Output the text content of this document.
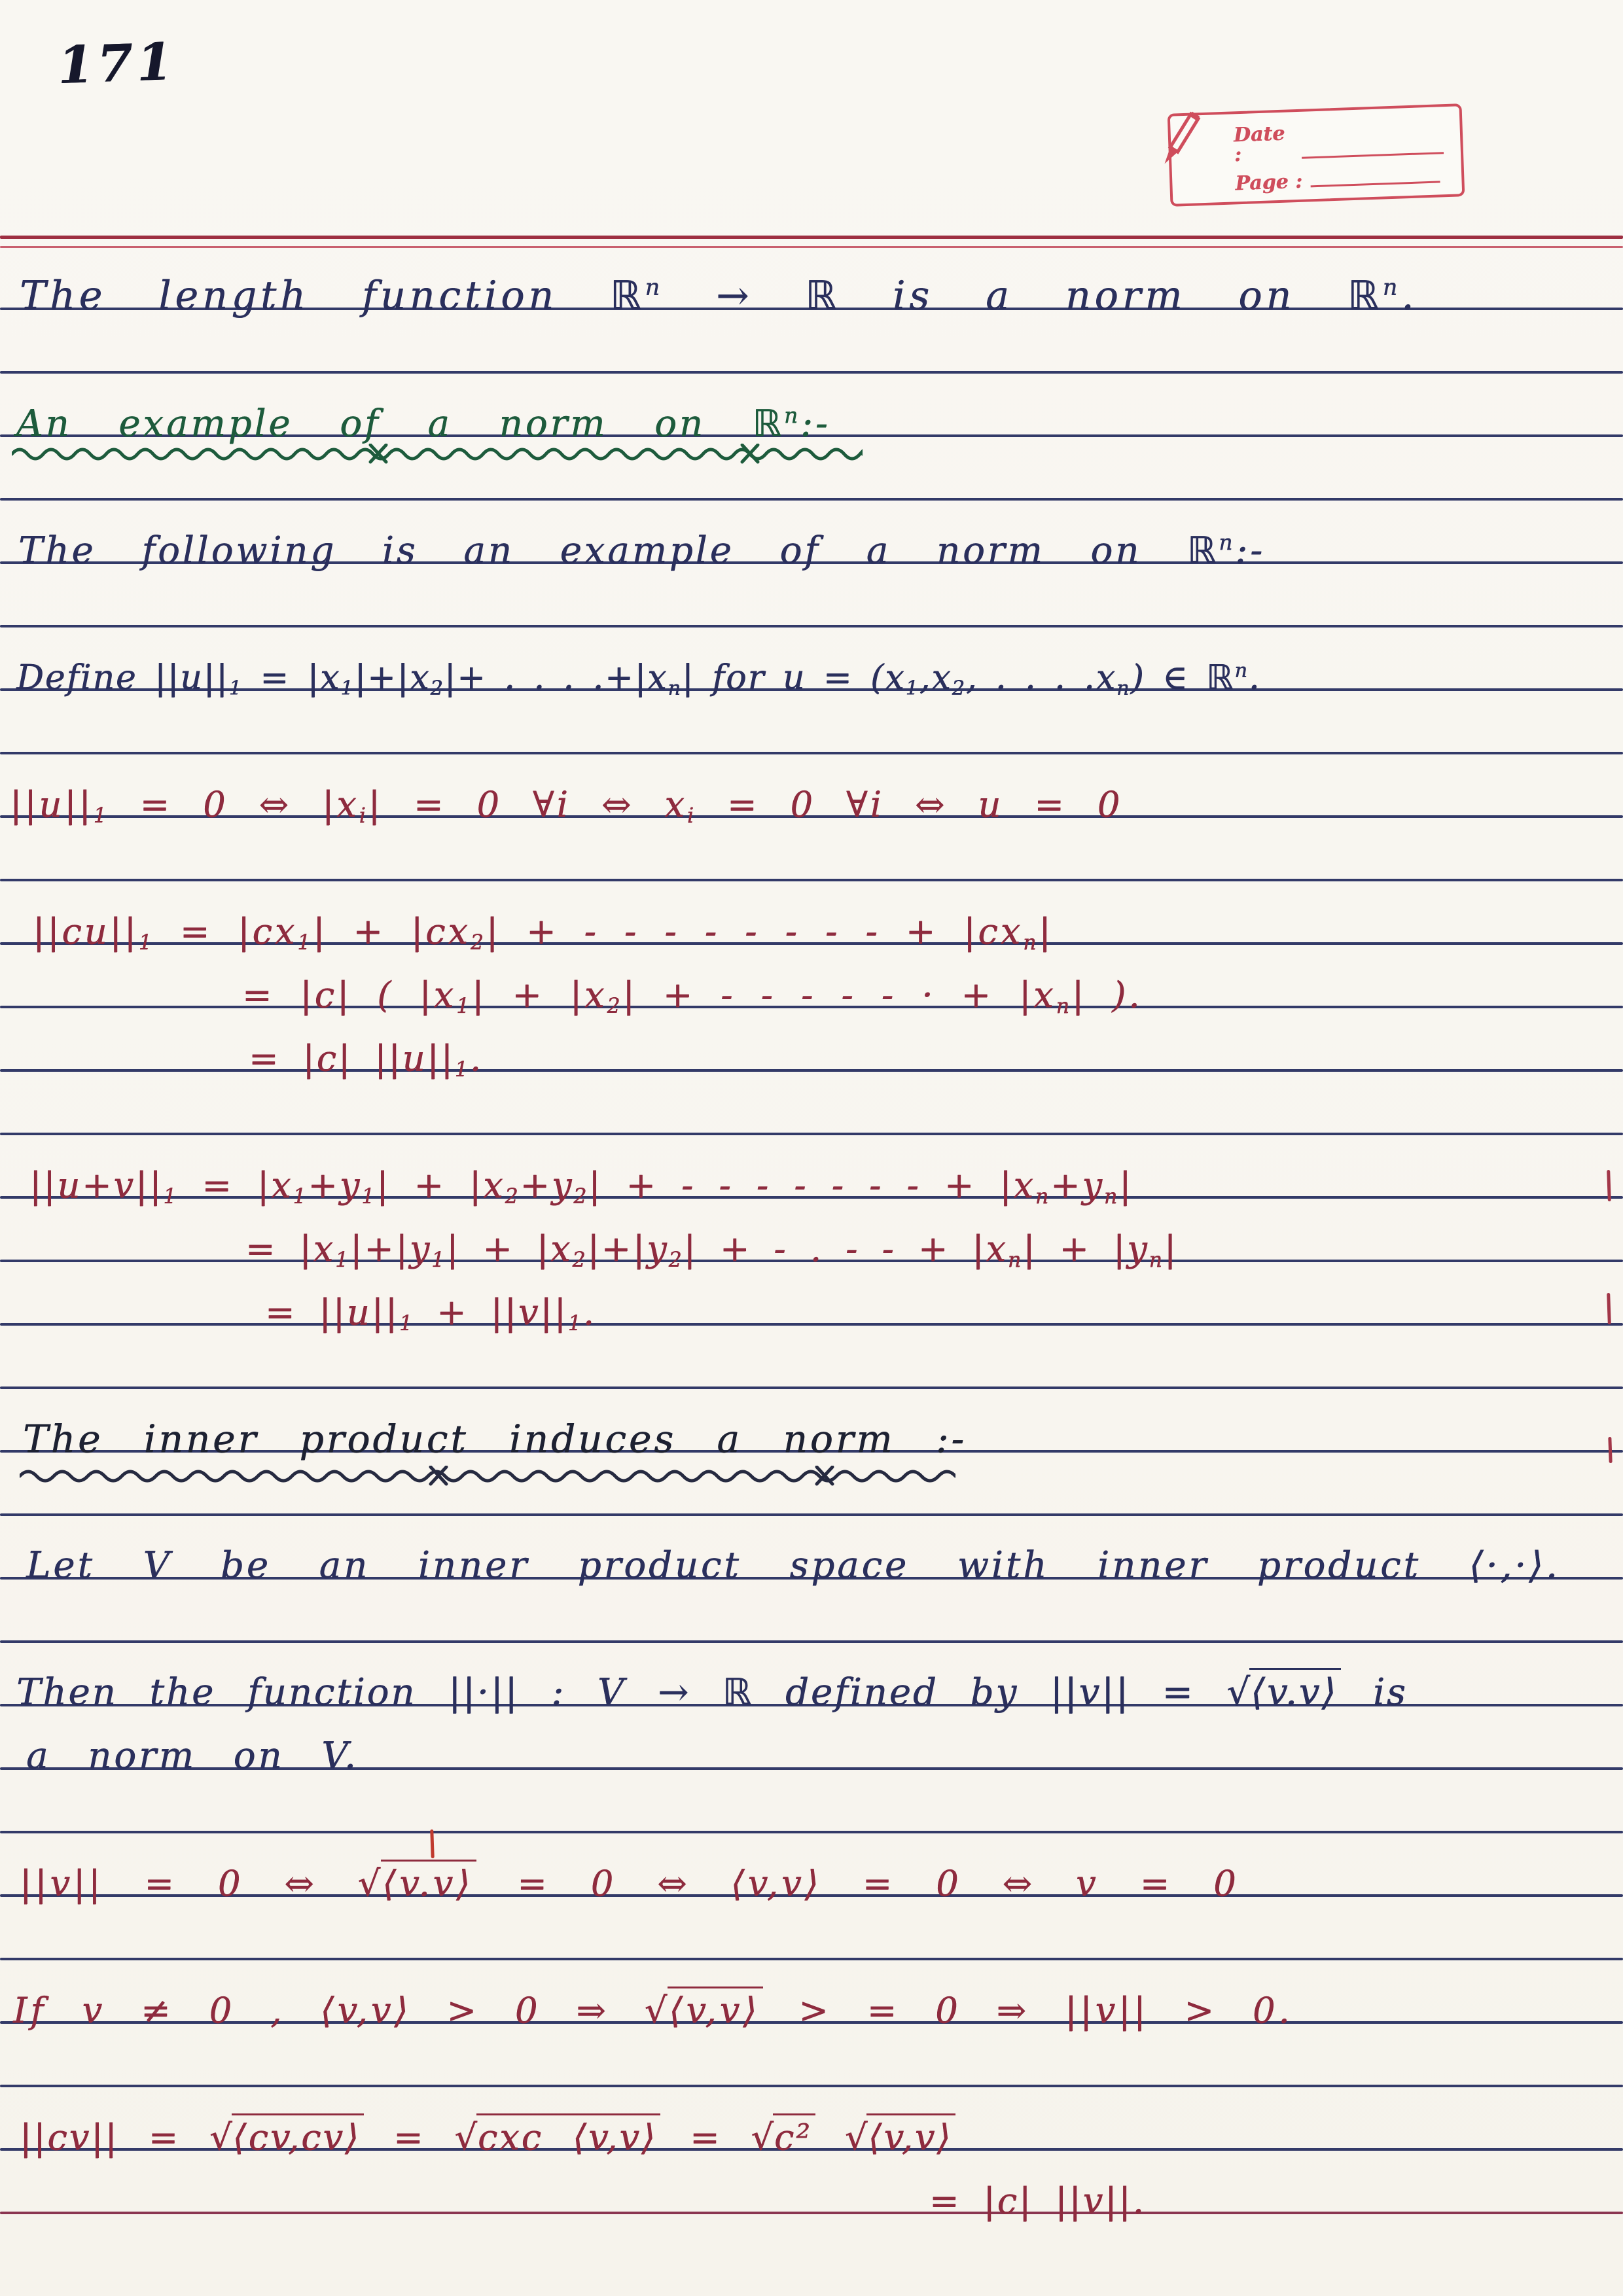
171
Date :
Page :
The length function ℝ$^n$ → ℝ is a norm on ℝ$^n$.
An example of a norm on ℝ$^n$:-
The following is an example of a norm on ℝ$^n$:-
Define $||u||_1 = |x_1|+|x_2|+$ . . . $.+|x_n|$ for $u = (x_1,x_2$, . . . $.x_n$) ∈ ℝ$^n$.
$||u||_1 = 0$ ⇔ $|x_i| = 0$ ∀i ⇔ $x_i = 0$ ∀i ⇔ u = 0
$||cu||_1 = |cx_1| + |cx_2|$ + - - - - - - - - + $|cx_n|$
= |c| ( $|x_1| + |x_2|$ + - - - - - · + $|x_n|$ ).
= |c| $||u||_1$.
$||u+v||_1 = |x_1+y_1| + |x_2+y_2|$ + - - - - - - - + $|x_n+y_n|$
= $|x_1|+|y_1| + |x_2|+|y_2|$ + - . - - + $|x_n| + |y_n|$
= $||u||_1 + ||v||_1$.
The inner product induces a norm :-
Let V be an inner product space with inner product ⟨·,·⟩.
Then the function ||·|| : V → ℝ defined by ||v|| = √⟨v.v⟩ is
a norm on V.
||v|| = 0 ⇔ √⟨v.v⟩ = 0 ⇔ ⟨v,v⟩ = 0 ⇔ v = 0
If v ≠ 0 , ⟨v,v⟩ > 0 ⇒ √⟨v,v⟩ > = 0 ⇒ ||v|| > 0.
||cv|| = √⟨cv,cv⟩ = √cxc ⟨v,v⟩ = √c² √⟨v,v⟩
= |c| ||v||.
